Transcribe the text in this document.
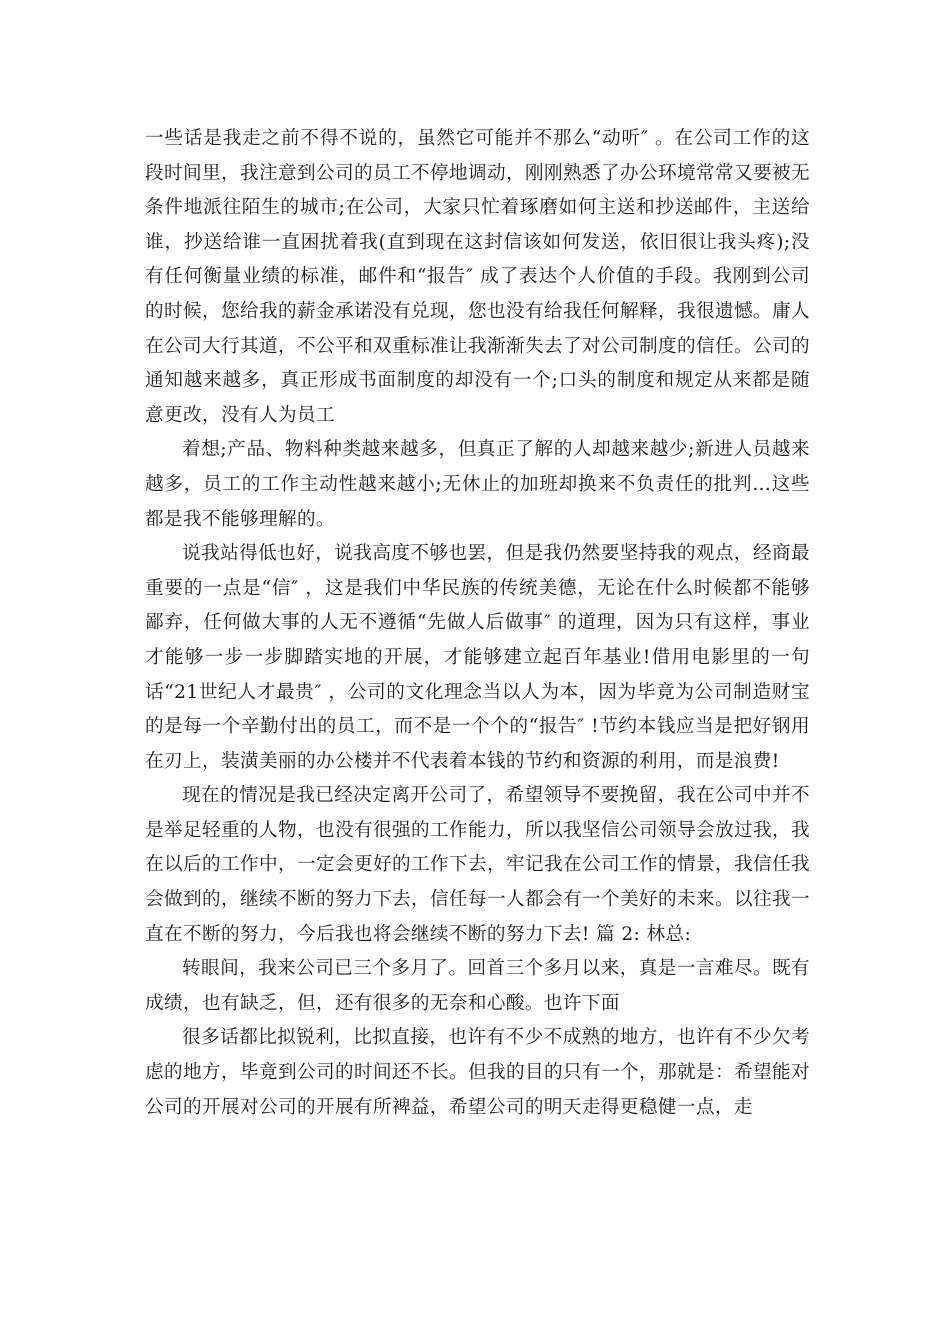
一些话是我走之前不得不说的，虽然它可能并不那么“动听″ 。在公司工作的这段时间里，我注意到公司的员工不停地调动，刚刚熟悉了办公环境常常又要被无条件地派往陌生的城市;在公司，大家只忙着琢磨如何主送和抄送邮件，主送给谁，抄送给谁一直困扰着我(直到现在这封信该如何发送，依旧很让我头疼);没有任何衡量业绩的标准，邮件和“报告″ 成了表达个人价值的手段。我刚到公司的时候，您给我的薪金承诺没有兑现，您也没有给我任何解释，我很遗憾。庸人在公司大行其道，不公平和双重标准让我渐渐失去了对公司制度的信任。公司的通知越来越多，真正形成书面制度的却没有一个;口头的制度和规定从来都是随意更改，没有人为员工

着想;产品、物料种类越来越多，但真正了解的人却越来越少;新进人员越来越多，员工的工作主动性越来越小;无休止的加班却换来不负责任的批判…这些都是我不能够理解的。

说我站得低也好，说我高度不够也罢，但是我仍然要坚持我的观点，经商最重要的一点是“信″ ，这是我们中华民族的传统美德，无论在什么时候都不能够鄙弃，任何做大事的人无不遵循“先做人后做事″ 的道理，因为只有这样，事业才能够一步一步脚踏实地的开展，才能够建立起百年基业!借用电影里的一句话“21世纪人才最贵″ ，公司的文化理念当以人为本，因为毕竟为公司制造财宝的是每一个辛勤付出的员工，而不是一个个的“报告″ !节约本钱应当是把好钢用在刃上，装潢美丽的办公楼并不代表着本钱的节约和资源的利用，而是浪费!

现在的情况是我已经决定离开公司了，希望领导不要挽留，我在公司中并不是举足轻重的人物，也没有很强的工作能力，所以我坚信公司领导会放过我，我在以后的工作中，一定会更好的工作下去，牢记我在公司工作的情景，我信任我会做到的，继续不断的努力下去，信任每一人都会有一个美好的未来。以往我一直在不断的努力，今后我也将会继续不断的努力下去! 篇 2: 林总:

转眼间，我来公司已三个多月了。回首三个多月以来，真是一言难尽。既有成绩，也有缺乏，但，还有很多的无奈和心酸。也许下面

很多话都比拟锐利，比拟直接，也许有不少不成熟的地方，也许有不少欠考虑的地方，毕竟到公司的时间还不长。但我的目的只有一个，那就是：希望能对公司的开展对公司的开展有所裨益，希望公司的明天走得更稳健一点，走
